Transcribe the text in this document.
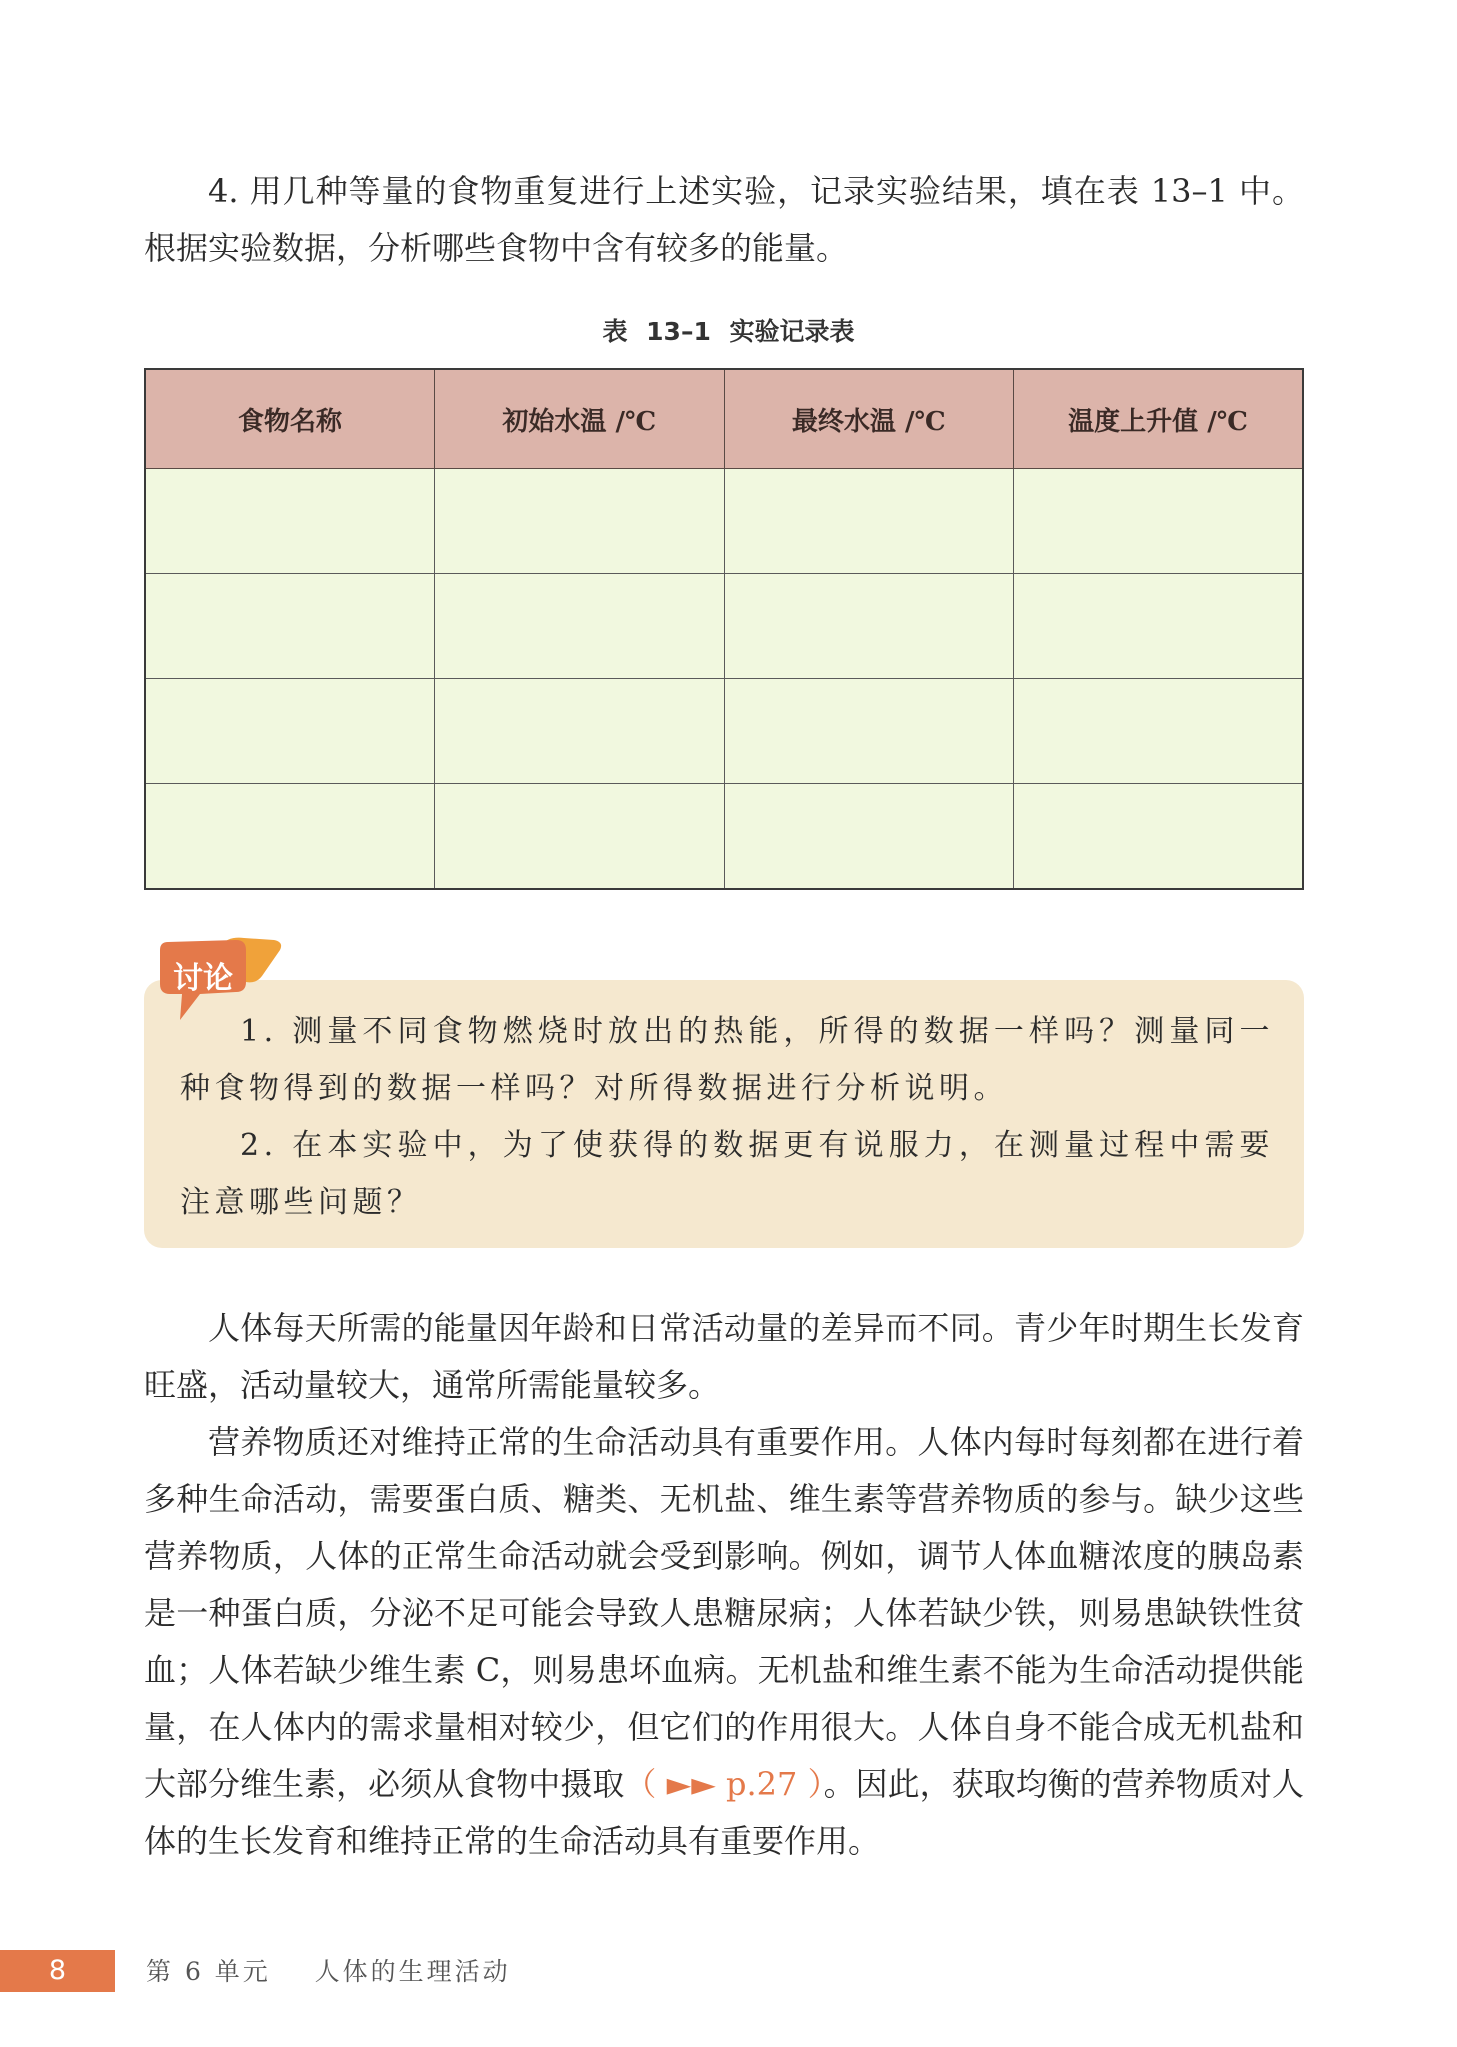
4. 用几种等量的食物重复进行上述实验，记录实验结果，填在表 13–1 中。根据实验数据，分析哪些食物中含有较多的能量。

表 13–1 实验记录表
食物名称	初始水温 /℃	最终水温 /℃	温度上升值 /℃

讨论

1. 测量不同食物燃烧时放出的热能，所得的数据一样吗？测量同一种食物得到的数据一样吗？对所得数据进行分析说明。

2. 在本实验中，为了使获得的数据更有说服力，在测量过程中需要注意哪些问题？

人体每天所需的能量因年龄和日常活动量的差异而不同。青少年时期生长发育旺盛，活动量较大，通常所需能量较多。

营养物质还对维持正常的生命活动具有重要作用。人体内每时每刻都在进行着多种生命活动，需要蛋白质、糖类、无机盐、维生素等营养物质的参与。缺少这些营养物质，人体的正常生命活动就会受到影响。例如，调节人体血糖浓度的胰岛素是一种蛋白质，分泌不足可能会导致人患糖尿病；人体若缺少铁，则易患缺铁性贫血；人体若缺少维生素 C，则易患坏血病。无机盐和维生素不能为生命活动提供能量，在人体内的需求量相对较少，但它们的作用很大。人体自身不能合成无机盐和大部分维生素，必须从食物中摄取（ ►► p.27 ）。因此，获取均衡的营养物质对人体的生长发育和维持正常的生命活动具有重要作用。

8	第 6 单元    人体的生理活动
